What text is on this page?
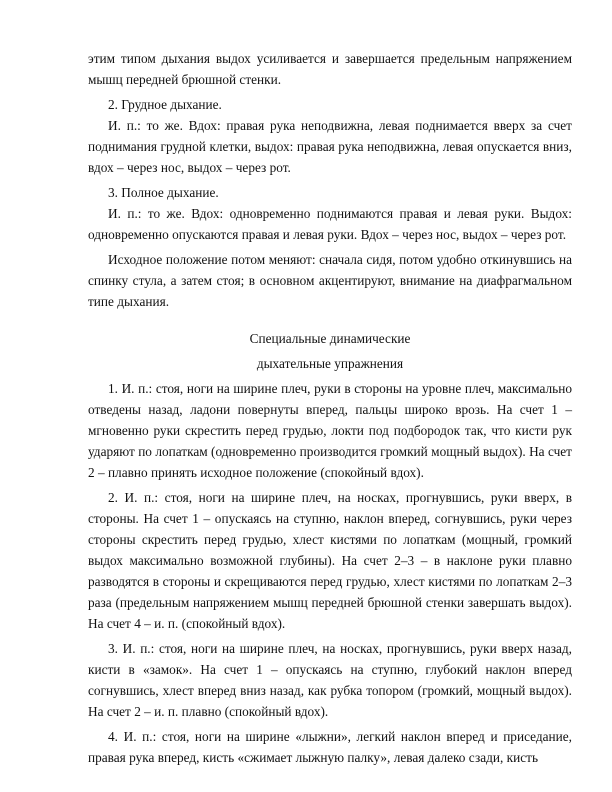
этим типом дыхания выдох усиливается и завершается предельным напряжением мышц передней брюшной стенки.

2. Грудное дыхание.

И. п.: то же. Вдох: правая рука неподвижна, левая поднимается вверх за счет поднимания грудной клетки, выдох: правая рука неподвижна, левая опускается вниз, вдох – через нос, выдох – через рот.

3. Полное дыхание.

И. п.: то же. Вдох: одновременно поднимаются правая и левая руки. Выдох: одновременно опускаются правая и левая руки. Вдох – через нос, выдох – через рот.

Исходное положение потом меняют: сначала сидя, потом удобно откинувшись на спинку стула, а затем стоя; в основном акцентируют, внимание на диафрагмальном типе дыхания.

Специальные динамические
дыхательные упражнения

1. И. п.: стоя, ноги на ширине плеч, руки в стороны на уровне плеч, максимально отведены назад, ладони повернуты вперед, пальцы широко врозь. На счет 1 – мгновенно руки скрестить перед грудью, локти под подбородок так, что кисти рук ударяют по лопаткам (одновременно производится громкий мощный выдох). На счет 2 – плавно принять исходное положение (спокойный вдох).

2. И. п.: стоя, ноги на ширине плеч, на носках, прогнувшись, руки вверх, в стороны. На счет 1 – опускаясь на ступню, наклон вперед, согнувшись, руки через стороны скрестить перед грудью, хлест кистями по лопаткам (мощный, громкий выдох максимально возможной глубины). На счет 2–3 – в наклоне руки плавно разводятся в стороны и скрещиваются перед грудью, хлест кистями по лопаткам 2–3 раза (предельным напряжением мышц передней брюшной стенки завершать выдох). На счет 4 – и. п. (спокойный вдох).

3. И. п.: стоя, ноги на ширине плеч, на носках, прогнувшись, руки вверх назад, кисти в «замок». На счет 1 – опускаясь на ступню, глубокий наклон вперед согнувшись, хлест вперед вниз назад, как рубка топором (громкий, мощный выдох). На счет 2 – и. п. плавно (спокойный вдох).

4. И. п.: стоя, ноги на ширине «лыжни», легкий наклон вперед и приседание, правая рука вперед, кисть «сжимает лыжную палку», левая далеко сзади, кисть
